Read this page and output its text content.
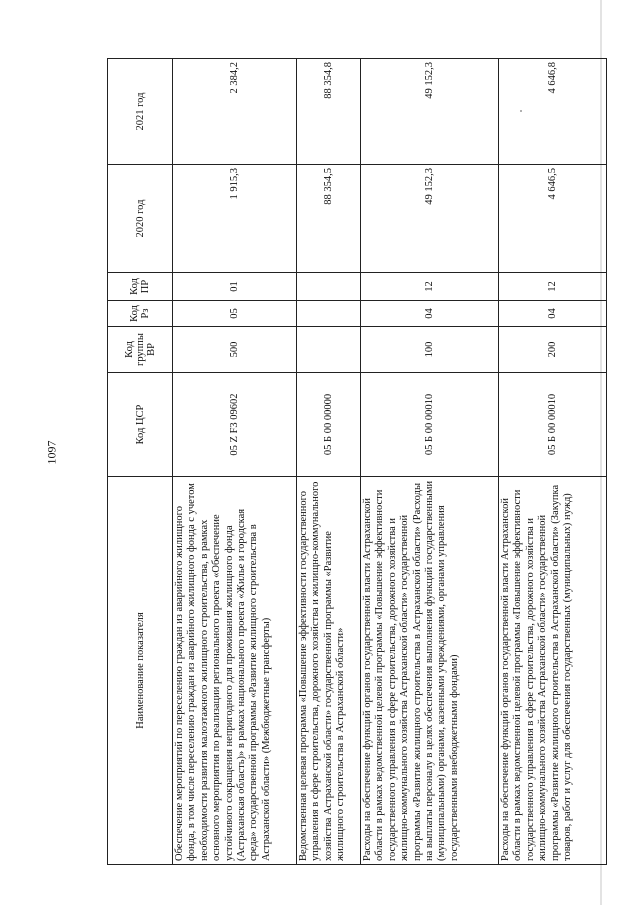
1097
Наименование показателя	Код ЦСР	Код группы ВР	Код Рз	Код ПР	2020 год	2021 год
Обеспечение мероприятий по переселению граждан из аварийного жилищного фонда, в том числе переселению граждан из аварийного жилищного фонда с учетом необходимости развития малоэтажного жилищного строительства, в рамках основного мероприятия по реализации регионального проекта «Обеспечение устойчивого сокращения непригодного для проживания жилищного фонда (Астраханская область)» в рамках национального проекта «Жилье и городская среда» государственной программы «Развитие жилищного строительства в Астраханской области» (Межбюджетные трансферты)	05 Z F3 09602	500	05	01	1 915,3	2 384,2
Ведомственная целевая программа «Повышение эффективности государственного управления в сфере строительства, дорожного хозяйства и жилищно-коммунального хозяйства Астраханской области» государственной программы «Развитие жилищного строительства в Астраханской области»	05 Б 00 00000				88 354,5	88 354,8
Расходы на обеспечение функций органов государственной власти Астраханской области в рамках ведомственной целевой программы «Повышение эффективности государственного управления в сфере строительства, дорожного хозяйства и жилищно-коммунального хозяйства Астраханской области» государственной программы «Развитие жилищного строительства в Астраханской области» (Расходы на выплаты персоналу в целях обеспечения выполнения функций государственными (муниципальными) органами, казенными учреждениями, органами управления государственными внебюджетными фондами)	05 Б 00 00010	100	04	12	49 152,3	49 152,3
Расходы на обеспечение функций органов государственной власти Астраханской области в рамках ведомственной целевой программы «Повышение эффективности государственного управления в сфере строительства, дорожного хозяйства и жилищно-коммунального хозяйства Астраханской области» государственной программы «Развитие жилищного строительства в Астраханской области» (Закупка товаров, работ и услуг для обеспечения государственных (муниципальных) нужд)	05 Б 00 00010	200	04	12	4 646,5	4 646,8
